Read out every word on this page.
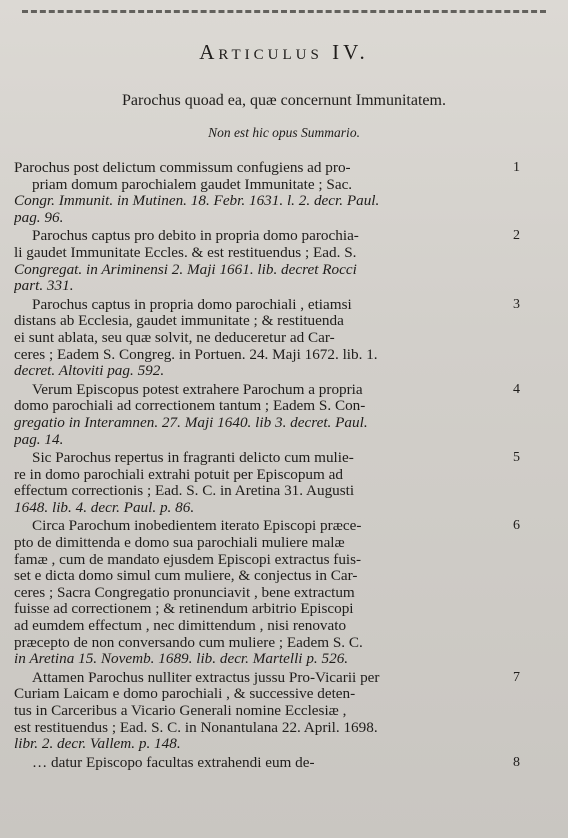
Articulus IV.
Parochus quoad ea, quæ concernunt Immunitatem.
Non est hic opus Summario.
1
Parochus post delictum commissum confugiens ad pro-
priam domum parochialem gaudet Immunitate ; Sac.
Congr. Immunit. in Mutinen. 18. Febr. 1631. l. 2. decr. Paul.
pag. 96.
2
Parochus captus pro debito in propria domo parochia-
li gaudet Immunitate Eccles. & est restituendus ; Ead. S.
Congregat. in Ariminensi 2. Maji 1661. lib. decret Rocci
part. 331.
3
Parochus captus in propria domo parochiali , etiamsi
distans ab Ecclesia, gaudet immunitate ; & restituenda
ei sunt ablata, seu quæ solvit, ne deduceretur ad Car-
ceres ; Eadem S. Congreg. in Portuen. 24. Maji 1672. lib. 1.
decret. Altoviti pag. 592.
4
Verum Episcopus potest extrahere Parochum a propria
domo parochiali ad correctionem tantum ; Eadem S. Con-
gregatio in Interamnen. 27. Maji 1640. lib 3. decret. Paul.
pag. 14.
5
Sic Parochus repertus in fragranti delicto cum mulie-
re in domo parochiali extrahi potuit per Episcopum ad
effectum correctionis ; Ead. S. C. in Aretina 31. Augusti
1648. lib. 4. decr. Paul. p. 86.
6
Circa Parochum inobedientem iterato Episcopi præce-
pto de dimittenda e domo sua parochiali muliere malæ
famæ , cum de mandato ejusdem Episcopi extractus fuis-
set e dicta domo simul cum muliere, & conjectus in Car-
ceres ; Sacra Congregatio pronunciavit , bene extractum
fuisse ad correctionem ; & retinendum arbitrio Episcopi
ad eumdem effectum , nec dimittendum , nisi renovato
præcepto de non conversando cum muliere ; Eadem S. C.
in Aretina 15. Novemb. 1689. lib. decr. Martelli p. 526.
7
Attamen Parochus nulliter extractus jussu Pro-Vicarii per
Curiam Laicam e domo parochiali , & successive deten-
tus in Carceribus a Vicario Generali nomine Ecclesiæ ,
est restituendus ; Ead. S. C. in Nonantulana 22. April. 1698.
libr. 2. decr. Vallem. p. 148.
8
… datur Episcopo facultas extrahendi eum de-
